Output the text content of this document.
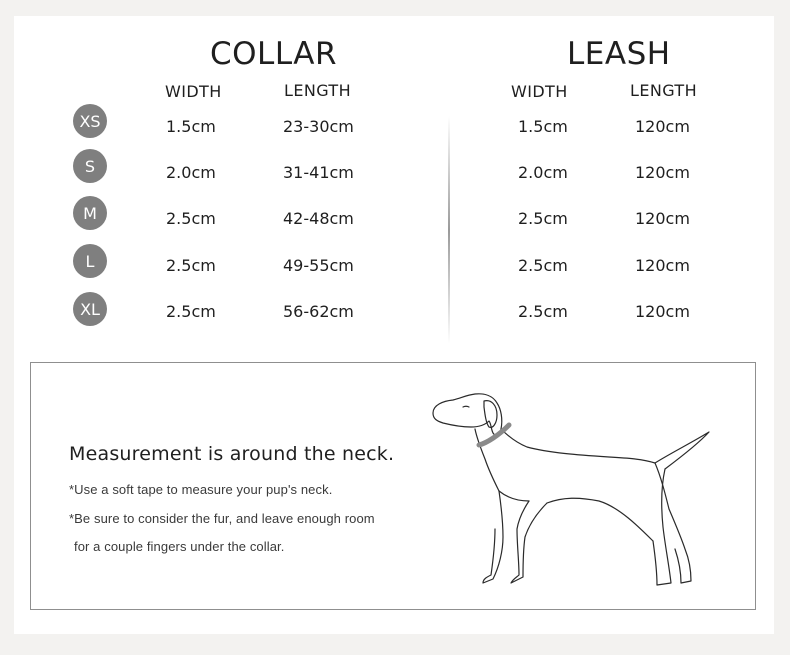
COLLAR
WIDTH	LENGTH
LEASH
WIDTH	LENGTH
XS	1.5cm	23-30cm	1.5cm	120cm
S	2.0cm	31-41cm	2.0cm	120cm
M	2.5cm	42-48cm	2.5cm	120cm
L	2.5cm	49-55cm	2.5cm	120cm
XL	2.5cm	56-62cm	2.5cm	120cm
Measurement is around the neck.
*Use a soft tape to measure your pup's neck.
*Be sure to consider the fur, and leave enough room
for a couple fingers under the collar.
